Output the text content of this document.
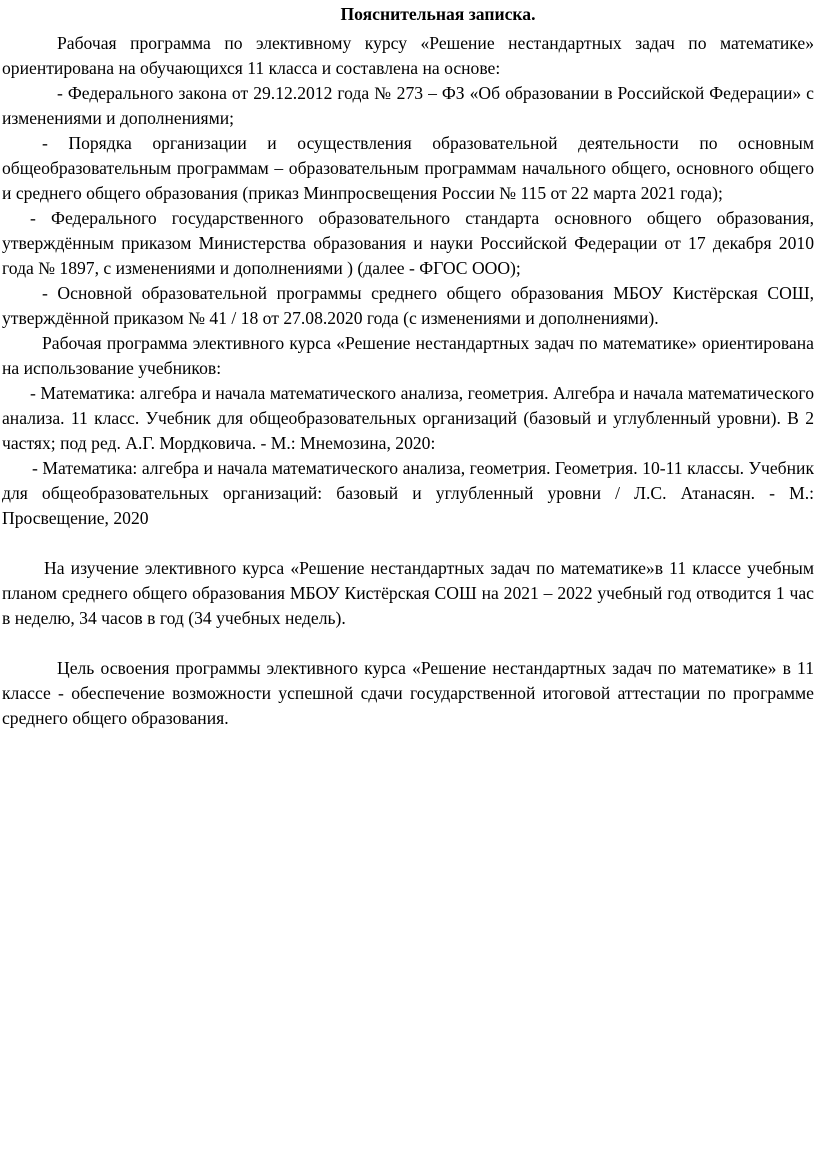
Пояснительная записка.

Рабочая программа по элективному курсу «Решение нестандартных задач по математике» ориентирована на обучающихся 11 класса и составлена на основе:

- Федерального закона от 29.12.2012 года № 273 – ФЗ «Об образовании в Российской Федерации» с изменениями и дополнениями;

- Порядка организации и осуществления образовательной деятельности по основным общеобразовательным программам – образовательным программам начального общего, основного общего и среднего общего образования (приказ Минпросвещения России № 115 от 22 марта 2021 года);

- Федерального государственного образовательного стандарта основного общего образования, утверждённым приказом Министерства образования и науки Российской Федерации от 17 декабря 2010 года № 1897, с изменениями и дополнениями ) (далее - ФГОС ООО);

- Основной образовательной программы среднего общего образования МБОУ Кистёрская СОШ, утверждённой приказом № 41 / 18 от 27.08.2020 года (с изменениями и дополнениями).

Рабочая программа элективного курса «Решение нестандартных задач по математике» ориентирована на использование учебников:

- Математика: алгебра и начала математического анализа, геометрия. Алгебра и начала математического анализа. 11 класс. Учебник для общеобразовательных организаций (базовый и углубленный уровни). В 2 частях; под ред. А.Г. Мордковича. - М.: Мнемозина, 2020:

- Математика: алгебра и начала математического анализа, геометрия. Геометрия. 10-11 классы. Учебник для общеобразовательных организаций: базовый и углубленный уровни / Л.С. Атанасян. - М.: Просвещение, 2020

На изучение элективного курса «Решение нестандартных задач по математике»в 11 классе учебным планом среднего общего образования МБОУ Кистёрская СОШ на 2021 – 2022 учебный год отводится 1 час в неделю, 34 часов в год (34 учебных недель).

Цель освоения программы элективного курса «Решение нестандартных задач по математике» в 11 классе - обеспечение возможности успешной сдачи государственной итоговой аттестации по программе среднего общего образования.
